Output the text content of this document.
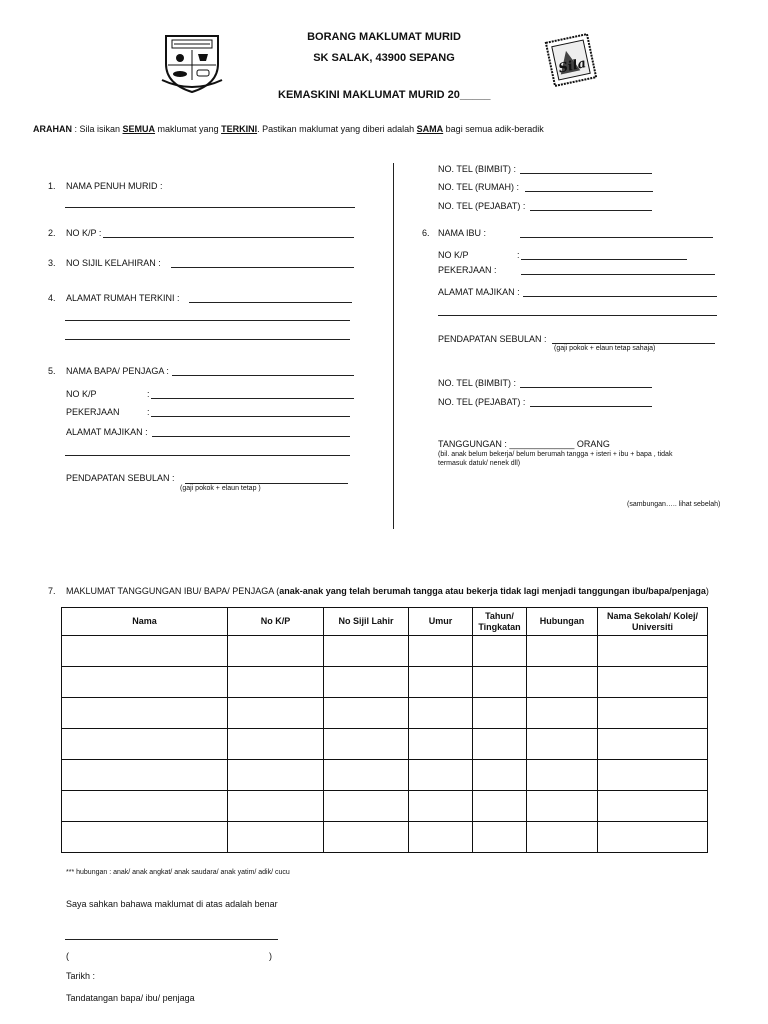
Sila
BORANG MAKLUMAT MURID
SK SALAK, 43900 SEPANG
KEMASKINI MAKLUMAT MURID 20_____
ARAHAN : Sila isikan SEMUA maklumat yang TERKINI. Pastikan maklumat yang diberi adalah SAMA bagi semua adik-beradik
1. NAMA PENUH MURID :
2. NO K/P :
3. NO SIJIL KELAHIRAN :
4. ALAMAT RUMAH TERKINI :
5. NAMA BAPA/ PENJAGA :
NO K/P	:
PEKERJAAN	:
ALAMAT MAJIKAN :
PENDAPATAN SEBULAN :
(gaji pokok + elaun tetap )
NO. TEL (BIMBIT) :
NO. TEL (RUMAH) :
NO. TEL (PEJABAT) :
6. NAMA IBU :
NO K/P	:
PEKERJAAN :
ALAMAT MAJIKAN :
PENDAPATAN SEBULAN :
(gaji pokok + elaun tetap sahaja)
NO. TEL (BIMBIT) :
NO. TEL (PEJABAT) :
TANGGUNGAN : _____________ ORANG
(bil. anak belum bekerja/ belum berumah tangga + isteri + ibu + bapa , tidak
termasuk datuk/ nenek dll)
(sambungan….. lihat sebelah)
7. MAKLUMAT TANGGUNGAN IBU/ BAPA/ PENJAGA (anak-anak yang telah berumah tangga atau bekerja tidak lagi menjadi tanggungan ibu/bapa/penjaga)
Nama	No K/P	No Sijil Lahir	Umur	Tahun/ Tingkatan	Hubungan	Nama Sekolah/ Kolej/ Universiti

*** hubungan : anak/ anak angkat/ anak saudara/ anak yatim/ adik/ cucu
Saya sahkan bahawa maklumat di atas adalah benar
(	)
Tarikh :
Tandatangan bapa/ ibu/ penjaga
